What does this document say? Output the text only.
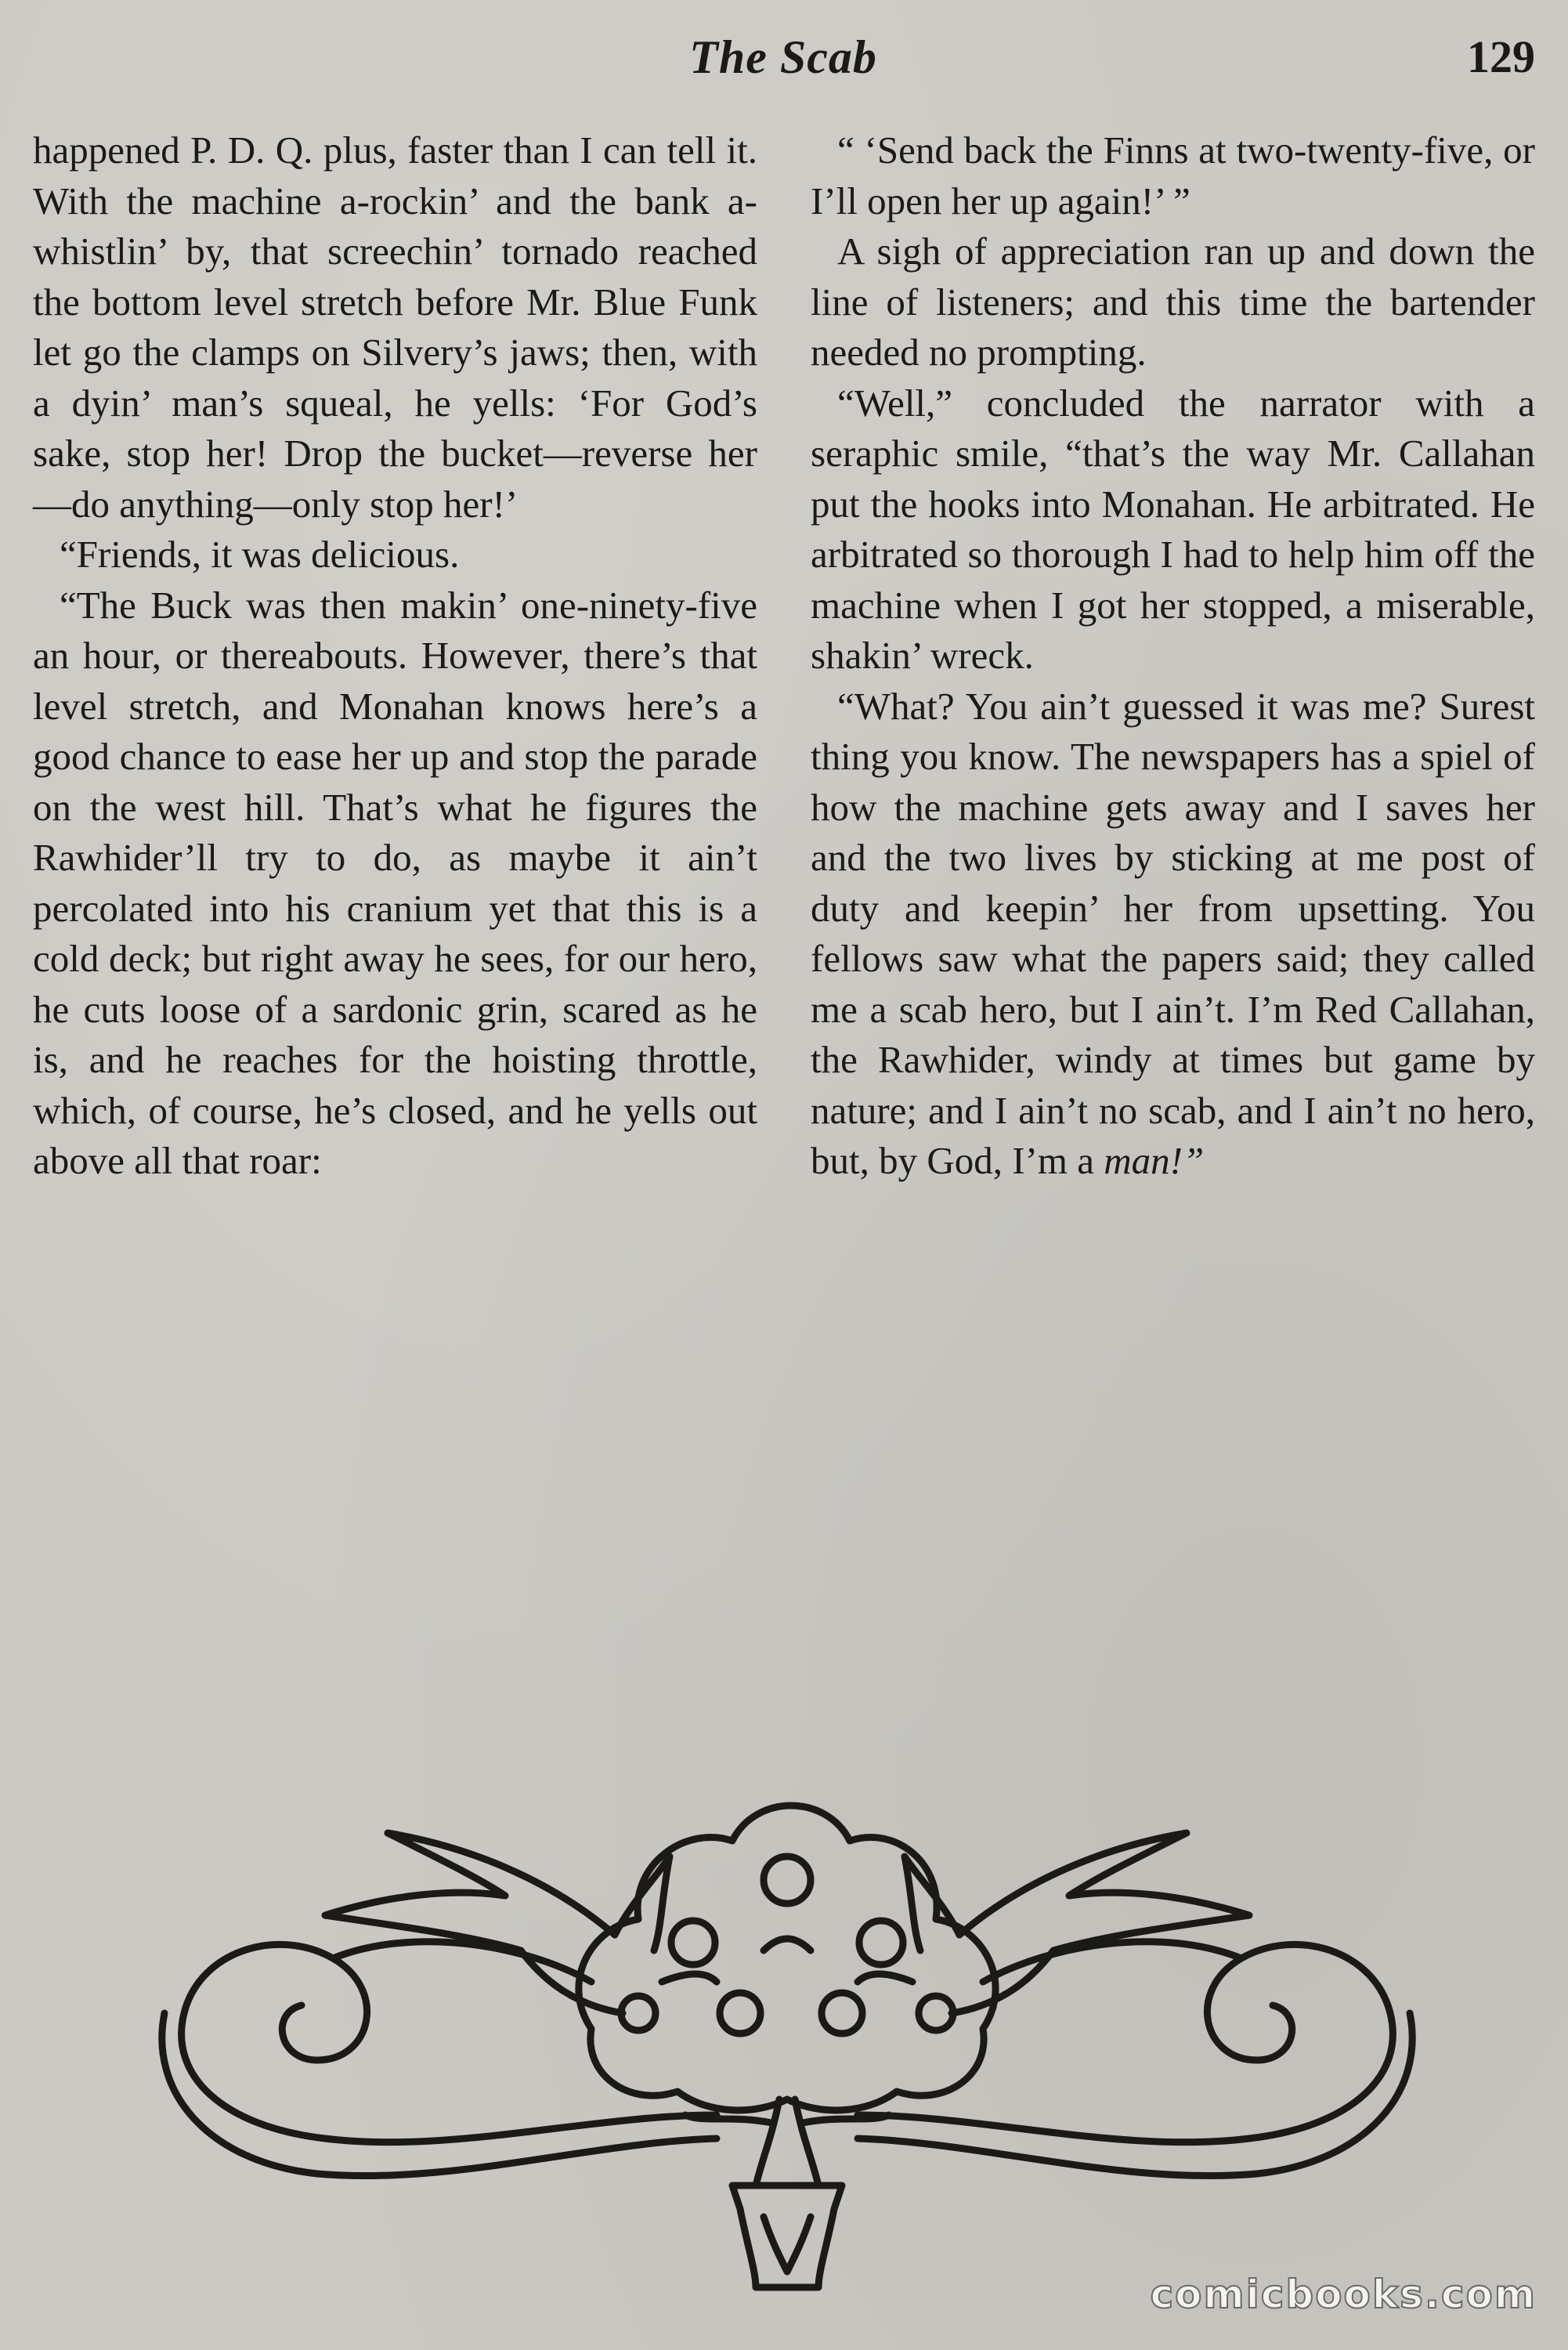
The Scab	129

happened P. D. Q. plus, faster than I can tell it. With the machine a-rockin’ and the bank a-whistlin’ by, that screechin’ tornado reached the bottom level stretch before Mr. Blue Funk let go the clamps on Silvery’s jaws; then, with a dyin’ man’s squeal, he yells: ‘For God’s sake, stop her! Drop the bucket—reverse her—do anything—only stop her!’

“Friends, it was delicious.

“The Buck was then makin’ one-ninety-five an hour, or thereabouts. However, there’s that level stretch, and Monahan knows here’s a good chance to ease her up and stop the parade on the west hill. That’s what he figures the Rawhider’ll try to do, as maybe it ain’t percolated into his cranium yet that this is a cold deck; but right away he sees, for our hero, he cuts loose of a sardonic grin, scared as he is, and he reaches for the hoisting throttle, which, of course, he’s closed, and he yells out above all that roar:

“ ‘Send back the Finns at two-twenty-five, or I’ll open her up again!’ ”

A sigh of appreciation ran up and down the line of listeners; and this time the bartender needed no prompting.

“Well,” concluded the narrator with a seraphic smile, “that’s the way Mr. Callahan put the hooks into Monahan. He arbitrated. He arbitrated so thorough I had to help him off the machine when I got her stopped, a miserable, shakin’ wreck.

“What? You ain’t guessed it was me? Surest thing you know. The newspapers has a spiel of how the machine gets away and I saves her and the two lives by sticking at me post of duty and keepin’ her from upsetting. You fellows saw what the papers said; they called me a scab hero, but I ain’t. I’m Red Callahan, the Rawhider, windy at times but game by nature; and I ain’t no scab, and I ain’t no hero, but, by God, I’m a man!”

comicbooks.com
